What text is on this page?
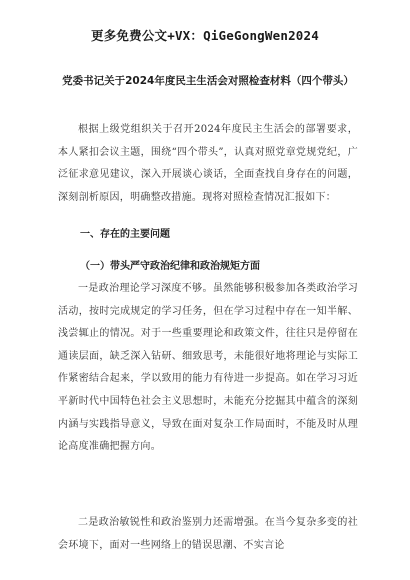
更多免费公文+VX：QiGeGongWen2024
党委书记关于2024年度民主生活会对照检查材料（四个带头）
根据上级党组织关于召开2024年度民主生活会的部署要求，本人紧扣会议主题，围绕“四个带头”，认真对照党章党规党纪，广泛征求意见建议，深入开展谈心谈话，全面查找自身存在的问题，深刻剖析原因，明确整改措施。现将对照检查情况汇报如下：
一、存在的主要问题
（一）带头严守政治纪律和政治规矩方面
一是政治理论学习深度不够。虽然能够积极参加各类政治学习活动，按时完成规定的学习任务，但在学习过程中存在一知半解、浅尝辄止的情况。对于一些重要理论和政策文件，往往只是停留在通读层面，缺乏深入钻研、细致思考，未能很好地将理论与实际工作紧密结合起来，学以致用的能力有待进一步提高。如在学习习近平新时代中国特色社会主义思想时，未能充分挖掘其中蕴含的深刻内涵与实践指导意义，导致在面对复杂工作局面时，不能及时从理论高度准确把握方向。
二是政治敏锐性和政治鉴别力还需增强。在当今复杂多变的社会环境下，面对一些网络上的错误思潮、不实言论
